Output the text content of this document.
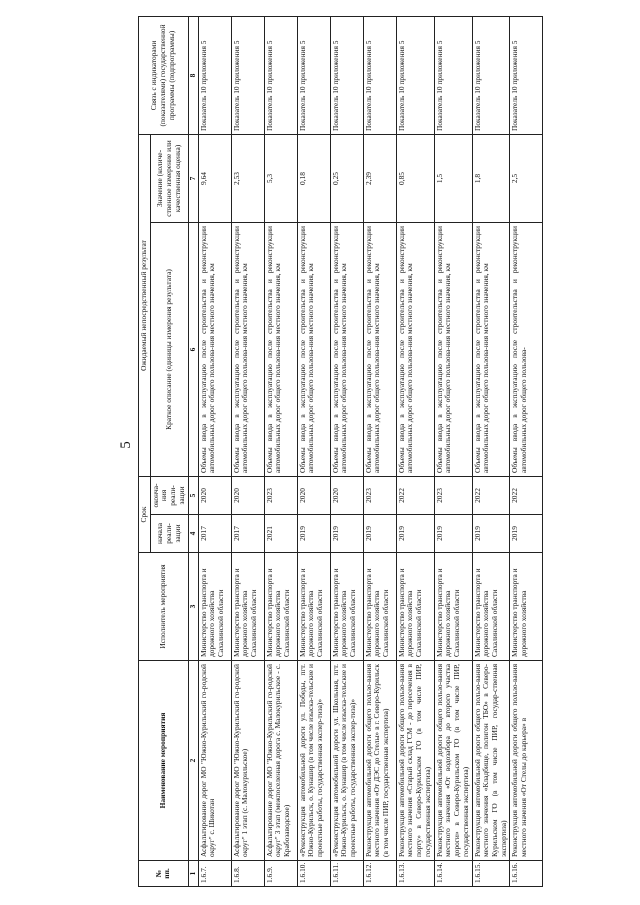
5
№ пп.	Наименование мероприятия	Исполнитель мероприятия	Срок		Ожидаемый непосредственный результат		Связь с индикаторами (показателями) государственной программы (подпрограммы)
			начала реали-зации	оконча-ния реали-зации	Краткое описание (единицы измерения результата)	Значение (количе-ственное измерение или качественная оценка)	

1	2	3	4	5	6	7	8
1.6.7.	Асфальтирование дорог МО "Южно-Курильский го-родской округ" с. Шикотан	Министерство транспорта и дорожного хозяйства Сахалинской области	2017	2020	Объемы ввода в эксплуатацию после строительства и реконструкции автомобильных дорог общего пользова-ния местного значения, км	9,64	Показатель 10 приложения 5
1.6.8.	Асфальтирование дорог МО "Южно-Курильский го-родской округ" 1 этап (с. Малокурильское)	Министерство транспорта и дорожного хозяйства Сахалинской области	2017	2020	Объемы ввода в эксплуатацию после строительства и реконструкции автомобильных дорог общего пользова-ния местного значения, км	2,53	Показатель 10 приложения 5
1.6.9.	Асфальтирование дорог МО "Южно-Курильский го-родской округ" 3 этап (межпоселенная дорога с. Малокурильское - с. Крабозаводское)	Министерство транспорта и дорожного хозяйства Сахалинской области	2021	2023	Объемы ввода в эксплуатацию после строительства и реконструкции автомобильных дорог общего пользова-ния местного значения, км	5,3	Показатель 10 приложения 5
1.6.10.	«Реконструкция автомобильной дороги ул. Победы, пгт. Южно-Курильск, о. Кунашир (в том числе изыска-тельские и проектные работы, государственная экспер-тиза)»	Министерство транспорта и дорожного хозяйства Сахалинской области	2019	2020	Объемы ввода в эксплуатацию после строительства и реконструкции автомобильных дорог общего пользова-ния местного значения, км	0,18	Показатель 10 приложения 5
1.6.11.	«Реконструкция автомобильной дороги ул. Школьная, пгт. Южно-Курильск, о. Кунашир (в том числе изыска-тельские и проектные работы, государственная экспер-тиза)»	Министерство транспорта и дорожного хозяйства Сахалинской области	2019	2020	Объемы ввода в эксплуатацию после строительства и реконструкции автомобильных дорог общего пользова-ния местного значения, км	0,25	Показатель 10 приложения 5
1.6.12.	Реконструкция автомобильной дороги общего пользо-вания местного значения «От ДЭС до Стелы» в г. Северо-Курильск (в том числе ПИР, государственная экспертиза)	Министерство транспорта и дорожного хозяйства Сахалинской области	2019	2023	Объемы ввода в эксплуатацию после строительства и реконструкции автомобильных дорог общего пользова-ния местного значения, км	2,39	Показатель 10 приложения 5
1.6.13.	Реконструкция автомобильной дороги общего пользо-вания местного значения «Старый склад ГСМ - до пересечения в порту» в Северо-Курильском ГО (в том числе ПИР, государственная экспертиза)	Министерство транспорта и дорожного хозяйства Сахалинской области	2019	2022	Объемы ввода в эксплуатацию после строительства и реконструкции автомобильных дорог общего пользова-ния местного значения, км	0,85	Показатель 10 приложения 5
1.6.14.	Реконструкция автомобильной дороги общего пользо-вания местного значения «От водозабора до второго участка дороги» в Северо-Курильском ГО (в том числе ПИР, государственная экспертиза)	Министерство транспорта и дорожного хозяйства Сахалинской области	2019	2023	Объемы ввода в эксплуатацию после строительства и реконструкции автомобильных дорог общего пользова-ния местного значения, км	1,5	Показатель 10 приложения 5
1.6.15.	Реконструкция автомобильной дороги общего пользо-вания местного значения «Кладбище, полигон ТБО» в Северо-Курильском ГО (в том числе ПИР, государ-ственная экспертиза)	Министерство транспорта и дорожного хозяйства Сахалинской области	2019	2022	Объемы ввода в эксплуатацию после строительства и реконструкции автомобильных дорог общего пользова-ния местного значения, км	1,8	Показатель 10 приложения 5
1.6.16.	Реконструкция автомобильной дороги общего пользо-вания местного значения «От Стелы до карьера» в	Министерство транспорта и дорожного хозяйства	2019	2022	Объемы ввода в эксплуатацию после строительства и реконструкции автомобильных дорог общего пользова-	2,5	Показатель 10 приложения 5
